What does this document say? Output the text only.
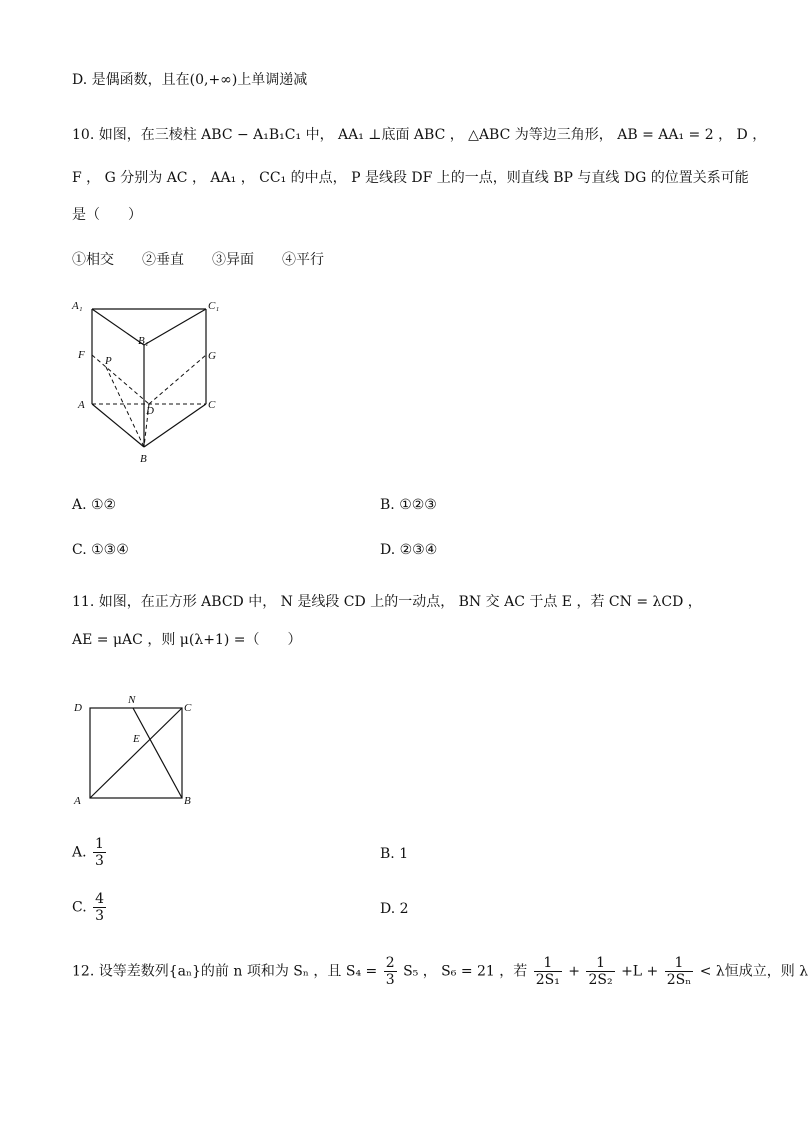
D. 是偶函数，且在(0,+∞)上单调递减
10. 如图，在三棱柱 ABC − A₁B₁C₁ 中， AA₁ ⊥底面 ABC ， △ABC 为等边三角形， AB = AA₁ = 2 ， D ，
F ， G 分别为 AC ， AA₁ ， CC₁ 的中点， P 是线段 DF 上的一点，则直线 BP 与直线 DG 的位置关系可能
是（　　）
①相交　　②垂直　　③异面　　④平行
A₁	C₁
B₁
F P	G
A	D	C
B
A. ①②	B. ①②③
C. ①③④	D. ②③④
11. 如图，在正方形 ABCD 中， N 是线段 CD 上的一动点， BN 交 AC 于点 E ，若 CN = λCD ，
AE = μAC ，则 μ(λ+1) =（　　）
D
N
C
E
A	B
A. $\frac{1}{3}$	B. 1
C. $\frac{4}{3}$	D. 2
12. 设等差数列{aₙ}的前 n 项和为 Sₙ ，且 $S_4 = \frac{2}{3} S_5$ ， S₆ = 21 ，若 $\frac{1}{\text{2S₁}} + \frac{1}{\text{2S₂}} +L + \frac{1}{\text{2Sₙ}} < \lambda$恒成立，则 λ
